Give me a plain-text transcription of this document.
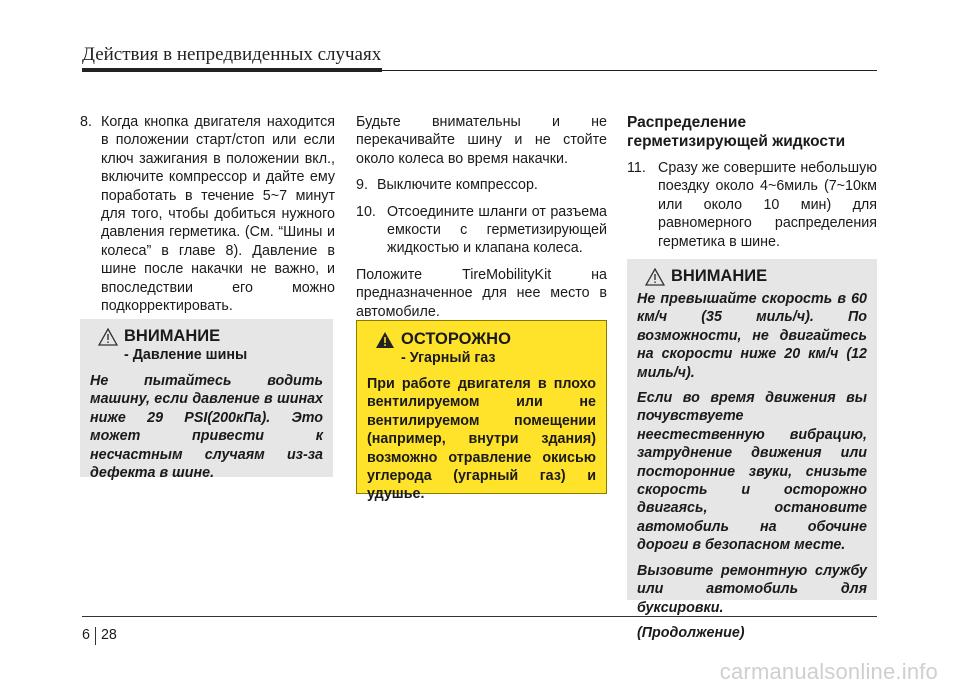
Действия в непредвиденных случаях
8. Когда кнопка двигателя находится в положении старт/стоп или если ключ зажигания в положении вкл., включите компрессор и дайте ему поработать в течение 5~7 минут для того, чтобы добиться нужного давления герметика. (См. “Шины и колеса” в главе 8). Давление в шине после накачки не важно, и впоследствии его можно подкорректировать.
ВНИМАНИЕ
- Давление шины
Не пытайтесь водить машину, если давление в шинах ниже 29 PSI(200кПа). Это может привести к несчастным случаям из-за дефекта в шине.

Будьте внимательны и не перекачивайте шину и не стойте около колеса во время накачки.

9. Выключите компрессор.
10. Отсоедините шланги от разъема емкости с герметизирующей жидкостью и клапана колеса.

Положите TireMobilityKit на предназначенное для нее место в автомобиле.

ОСТОРОЖНО
- Угарный газ
При работе двигателя в плохо вентилируемом или не вентилируемом помещении (например, внутри здания) возможно отравление окисью углерода (угарный газ) и удушье.
Распределение герметизирующей жидкости
11. Сразу же совершите небольшую поездку около 4~6миль (7~10км или около 10 мин) для равномерного распределения герметика в шине.
ВНИМАНИЕ

Не превышайте скорость в 60 км/ч (35 миль/ч). По возможности, не двигайтесь на скорости ниже 20 км/ч (12 миль/ч).

Если во время движения вы почувствуете неестественную вибрацию, затруднение движения или посторонние звуки, снизьте скорость и осторожно двигаясь, остановите автомобиль на обочине дороги в безопасном месте.

Вызовите ремонтную службу или автомобиль для буксировки.

(Продолжение)

6 28
carmanualsonline.info
